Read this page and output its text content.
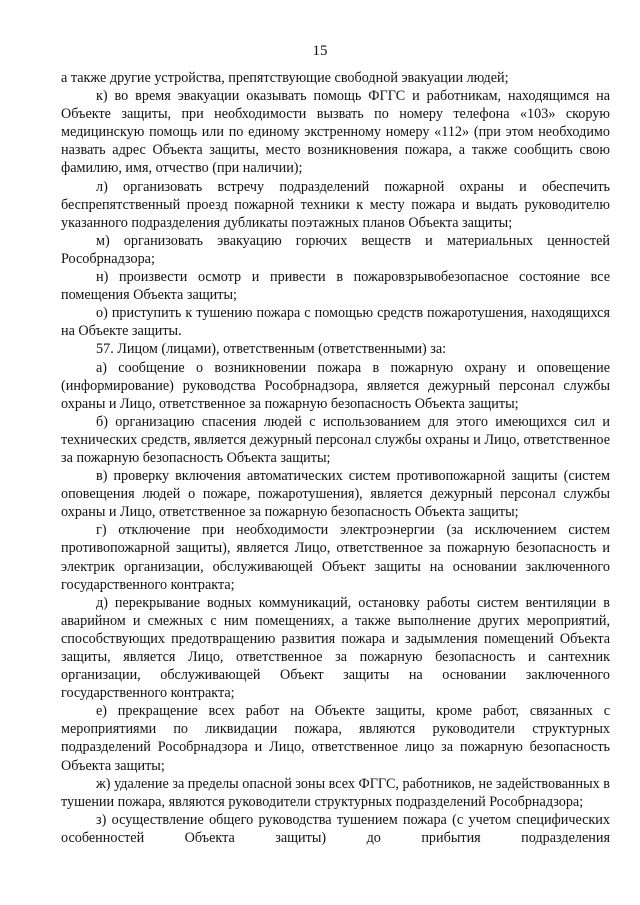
15

а также другие устройства, препятствующие свободной эвакуации людей;

к) во время эвакуации оказывать помощь ФГГС и работникам, находящимся на Объекте защиты, при необходимости вызвать по номеру телефона «103» скорую медицинскую помощь или по единому экстренному номеру «112» (при этом необходимо назвать адрес Объекта защиты, место возникновения пожара, а также сообщить свою фамилию, имя, отчество (при наличии);

л) организовать встречу подразделений пожарной охраны и обеспечить беспрепятственный проезд пожарной техники к месту пожара и выдать руководителю указанного подразделения дубликаты поэтажных планов Объекта защиты;

м) организовать эвакуацию горючих веществ и материальных ценностей Рособрнадзора;

н) произвести осмотр и привести в пожаровзрывобезопасное состояние все помещения Объекта защиты;

о) приступить к тушению пожара с помощью средств пожаротушения, находящихся на Объекте защиты.

57. Лицом (лицами), ответственным (ответственными) за:

а) сообщение о возникновении пожара в пожарную охрану и оповещение (информирование) руководства Рособрнадзора, является дежурный персонал службы охраны и Лицо, ответственное за пожарную безопасность Объекта защиты;

б) организацию спасения людей с использованием для этого имеющихся сил и технических средств, является дежурный персонал службы охраны и Лицо, ответственное за пожарную безопасность Объекта защиты;

в) проверку включения автоматических систем противопожарной защиты (систем оповещения людей о пожаре, пожаротушения), является дежурный персонал службы охраны и Лицо, ответственное за пожарную безопасность Объекта защиты;

г) отключение при необходимости электроэнергии (за исключением систем противопожарной защиты), является Лицо, ответственное за пожарную безопасность и электрик организации, обслуживающей Объект защиты на основании заключенного государственного контракта;

д) перекрывание водных коммуникаций, остановку работы систем вентиляции в аварийном и смежных с ним помещениях, а также выполнение других мероприятий, способствующих предотвращению развития пожара и задымления помещений Объекта защиты, является Лицо, ответственное за пожарную безопасность и сантехник организации, обслуживающей Объект защиты на основании заключенного государственного контракта;

е) прекращение всех работ на Объекте защиты, кроме работ, связанных с мероприятиями по ликвидации пожара, являются руководители структурных подразделений Рособрнадзора и Лицо, ответственное лицо за пожарную безопасность Объекта защиты;

ж) удаление за пределы опасной зоны всех ФГГС, работников, не задействованных в тушении пожара, являются руководители структурных подразделений Рособрнадзора;

з) осуществление общего руководства тушением пожара (с учетом специфических особенностей Объекта защиты) до прибытия подразделения
